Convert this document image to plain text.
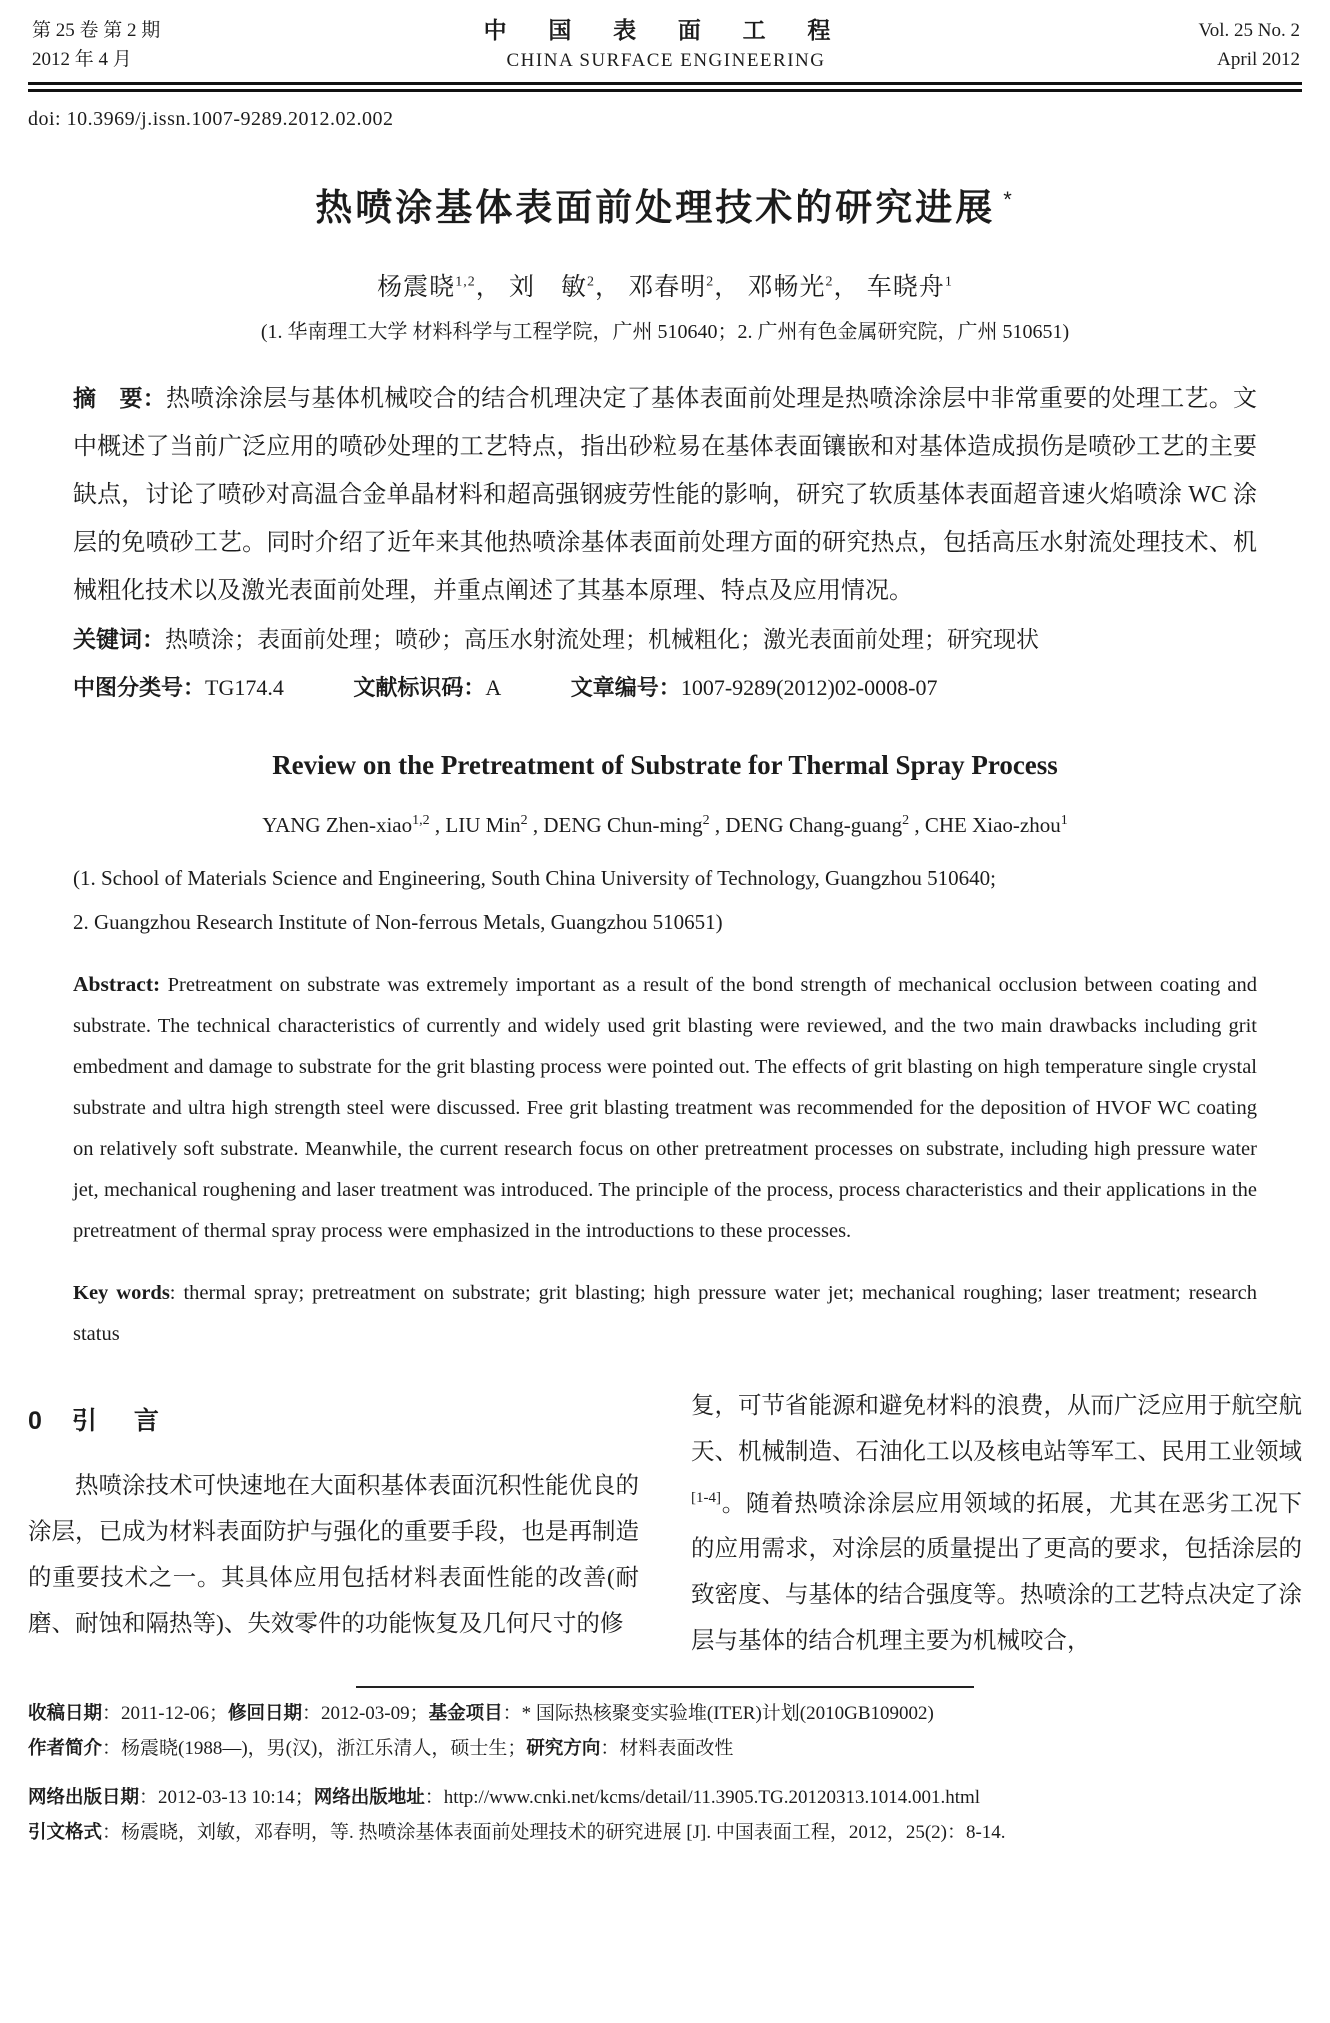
第 25 卷 第 2 期
2012 年 4 月
中 国 表 面 工 程
CHINA SURFACE ENGINEERING
Vol. 25 No. 2
April 2012
doi: 10.3969/j.issn.1007-9289.2012.02.002
热喷涂基体表面前处理技术的研究进展 *
杨震晓$^{1,2}$， 刘　敏$^2$， 邓春明$^2$， 邓畅光$^2$， 车晓舟$^1$
(1. 华南理工大学 材料科学与工程学院，广州 510640；2. 广州有色金属研究院，广州 510651)

摘　要：热喷涂涂层与基体机械咬合的结合机理决定了基体表面前处理是热喷涂涂层中非常重要的处理工艺。文中概述了当前广泛应用的喷砂处理的工艺特点，指出砂粒易在基体表面镶嵌和对基体造成损伤是喷砂工艺的主要缺点，讨论了喷砂对高温合金单晶材料和超高强钢疲劳性能的影响，研究了软质基体表面超音速火焰喷涂 WC 涂层的免喷砂工艺。同时介绍了近年来其他热喷涂基体表面前处理方面的研究热点，包括高压水射流处理技术、机械粗化技术以及激光表面前处理，并重点阐述了其基本原理、特点及应用情况。

关键词：热喷涂；表面前处理；喷砂；高压水射流处理；机械粗化；激光表面前处理；研究现状

中图分类号：TG174.4	文献标识码：A	文章编号：1007-9289(2012)02-0008-07

Review on the Pretreatment of Substrate for Thermal Spray Process
YANG Zhen-xiao$^{1,2}$ , LIU Min$^2$ , DENG Chun-ming$^2$ , DENG Chang-guang$^2$ , CHE Xiao-zhou$^1$

(1. School of Materials Science and Engineering, South China University of Technology, Guangzhou 510640;

2. Guangzhou Research Institute of Non-ferrous Metals, Guangzhou 510651)

Abstract: Pretreatment on substrate was extremely important as a result of the bond strength of mechanical occlusion between coating and substrate. The technical characteristics of currently and widely used grit blasting were reviewed, and the two main drawbacks including grit embedment and damage to substrate for the grit blasting process were pointed out. The effects of grit blasting on high temperature single crystal substrate and ultra high strength steel were discussed. Free grit blasting treatment was recommended for the deposition of HVOF WC coating on relatively soft substrate. Meanwhile, the current research focus on other pretreatment processes on substrate, including high pressure water jet, mechanical roughening and laser treatment was introduced. The principle of the process, process characteristics and their applications in the pretreatment of thermal spray process were emphasized in the introductions to these processes.

Key words: thermal spray; pretreatment on substrate; grit blasting; high pressure water jet; mechanical roughing; laser treatment; research status

0 引　言

热喷涂技术可快速地在大面积基体表面沉积性能优良的涂层，已成为材料表面防护与强化的重要手段，也是再制造的重要技术之一。其具体应用包括材料表面性能的改善(耐磨、耐蚀和隔热等)、失效零件的功能恢复及几何尺寸的修

复，可节省能源和避免材料的浪费，从而广泛应用于航空航天、机械制造、石油化工以及核电站等军工、民用工业领域[1-4]。随着热喷涂涂层应用领域的拓展，尤其在恶劣工况下的应用需求，对涂层的质量提出了更高的要求，包括涂层的致密度、与基体的结合强度等。热喷涂的工艺特点决定了涂层与基体的结合机理主要为机械咬合，

收稿日期：2011-12-06；修回日期：2012-03-09；基金项目：* 国际热核聚变实验堆(ITER)计划(2010GB109002)

作者简介：杨震晓(1988—)，男(汉)，浙江乐清人，硕士生；研究方向：材料表面改性

网络出版日期：2012-03-13 10:14；网络出版地址：http://www.cnki.net/kcms/detail/11.3905.TG.20120313.1014.001.html

引文格式：杨震晓，刘敏，邓春明，等. 热喷涂基体表面前处理技术的研究进展 [J]. 中国表面工程，2012，25(2)：8-14.
